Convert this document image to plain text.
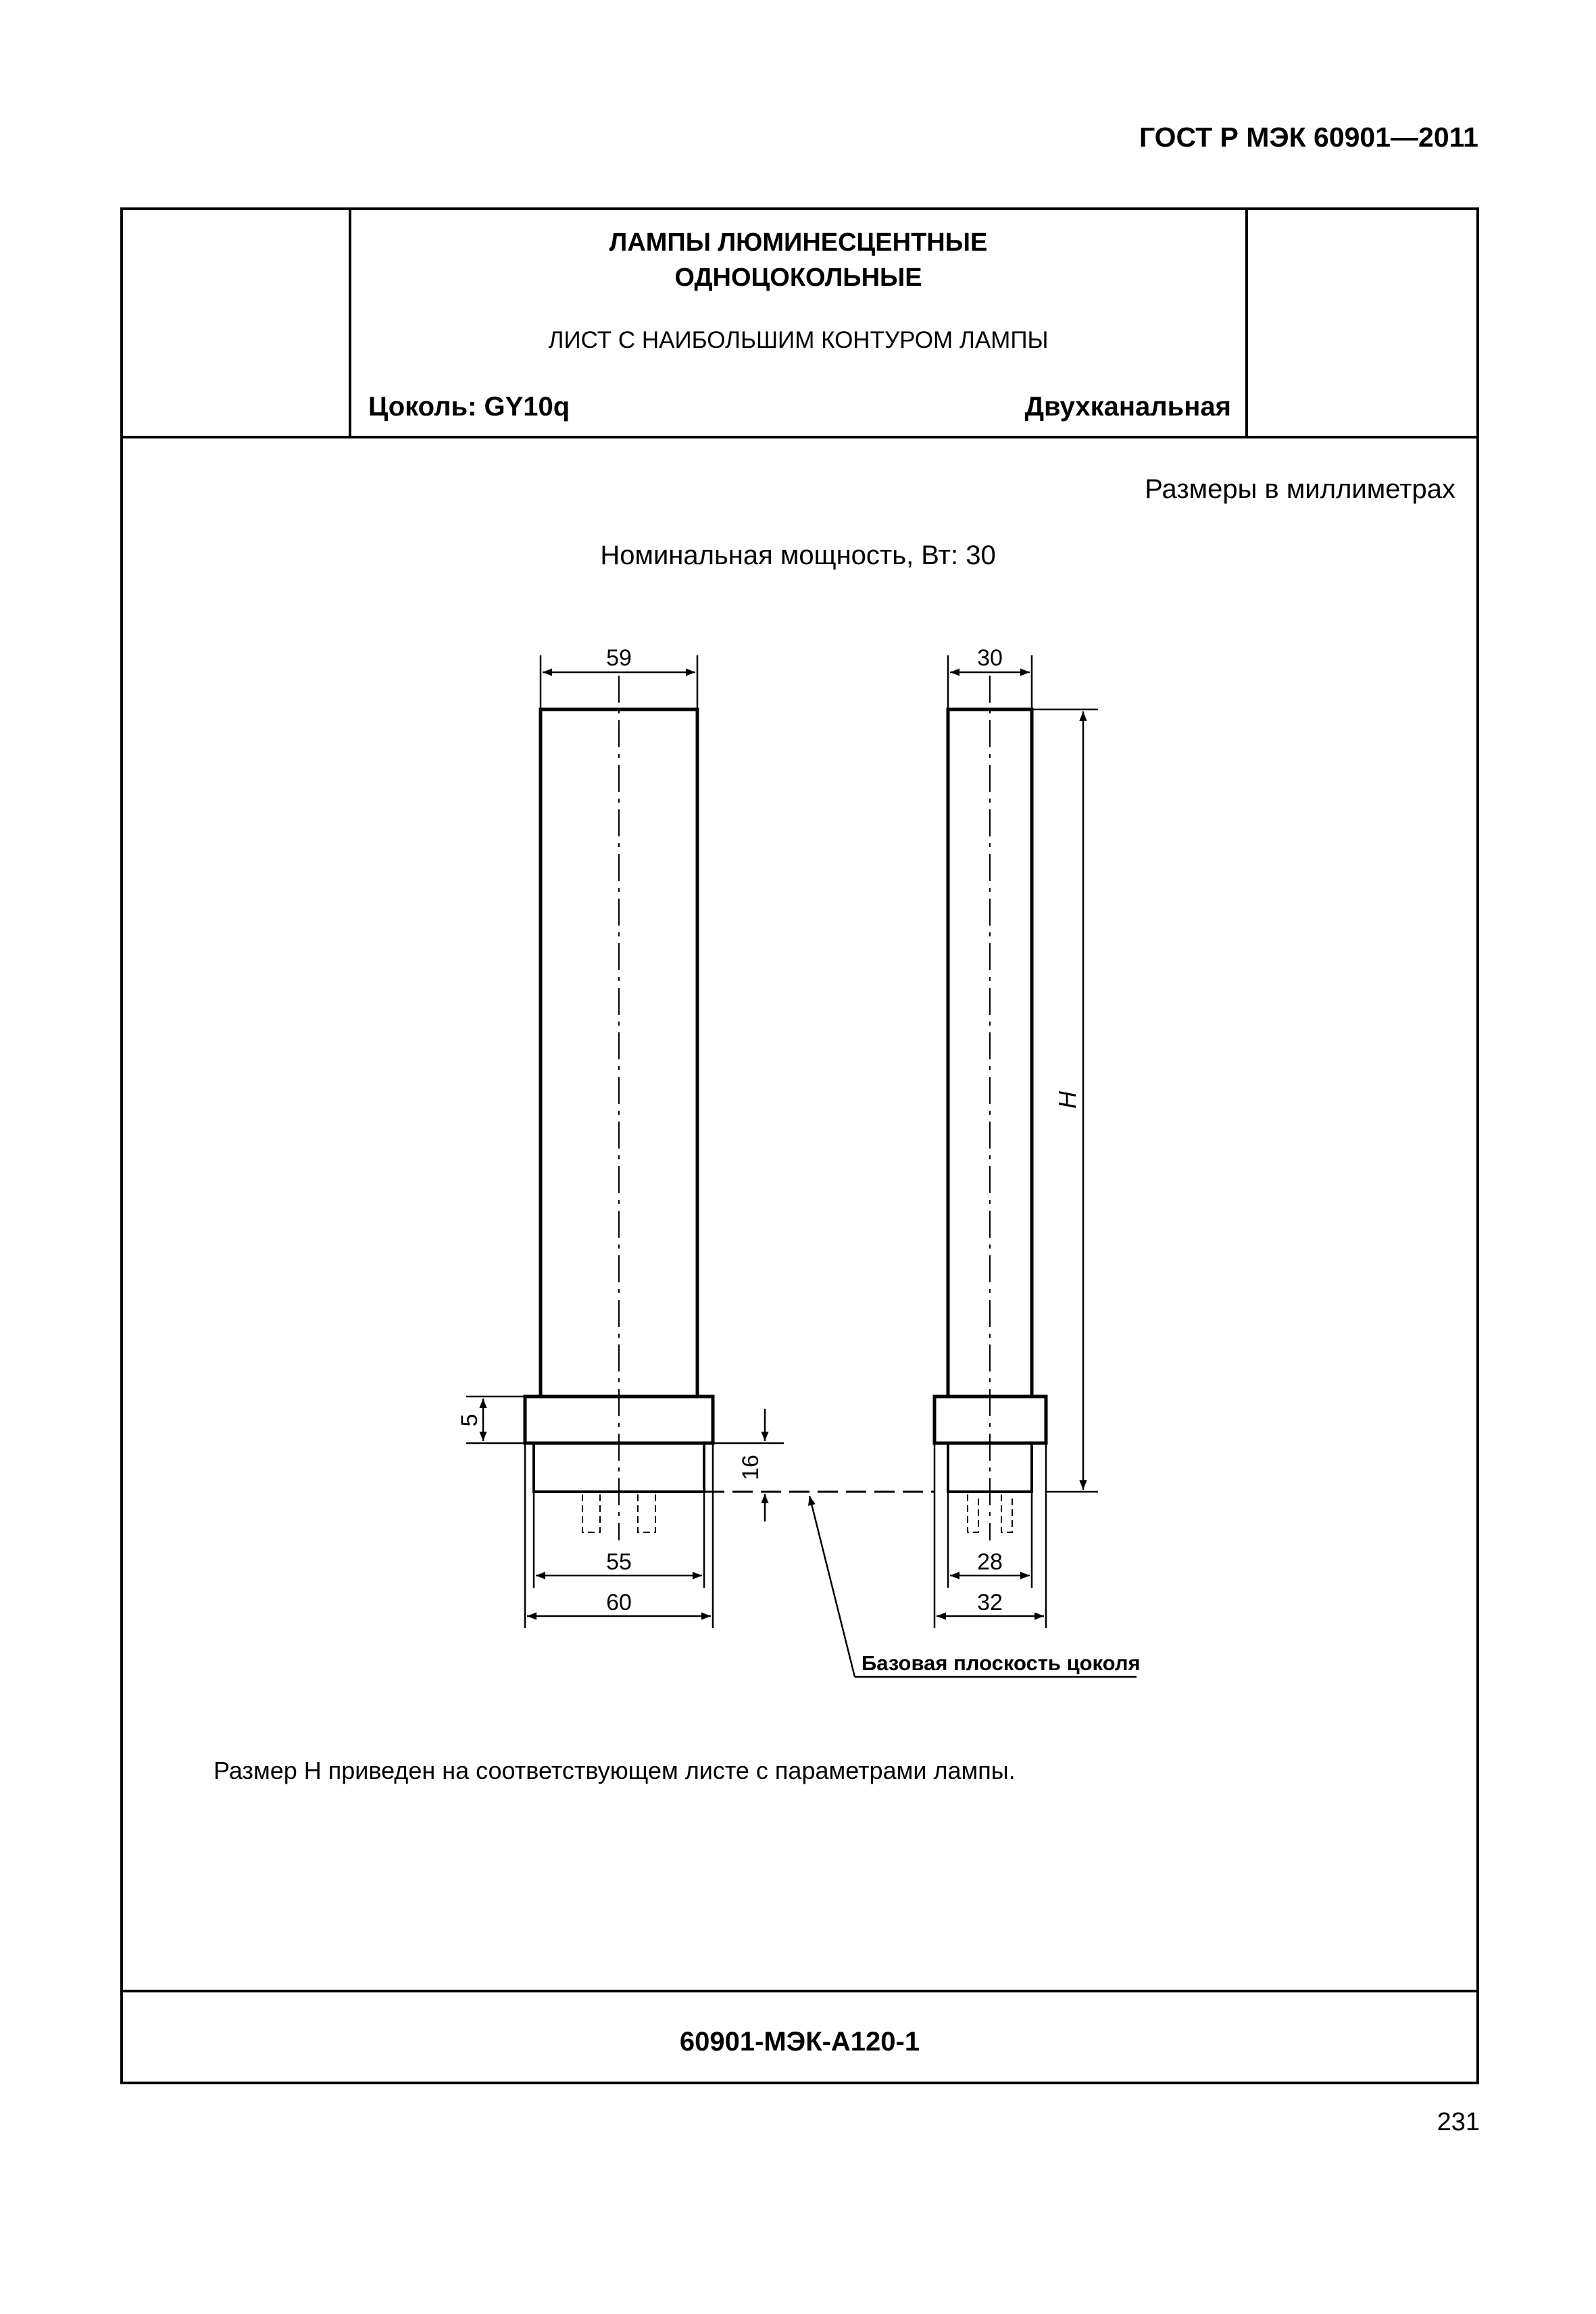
ГОСТ Р МЭК 60901—2011
ЛАМПЫ ЛЮМИНЕСЦЕНТНЫЕ
ОДНОЦОКОЛЬНЫЕ
ЛИСТ С НАИБОЛЬШИМ КОНТУРОМ ЛАМПЫ
Цоколь: GY10q	Двухканальная
Размеры в миллиметрах
Номинальная мощность, Вт: 30
59	30
H
5
16
55
60
28
32
Базовая плоскость цоколя
Размер H приведен на соответствующем листе с параметрами лампы.
60901-МЭК-A120-1
231
